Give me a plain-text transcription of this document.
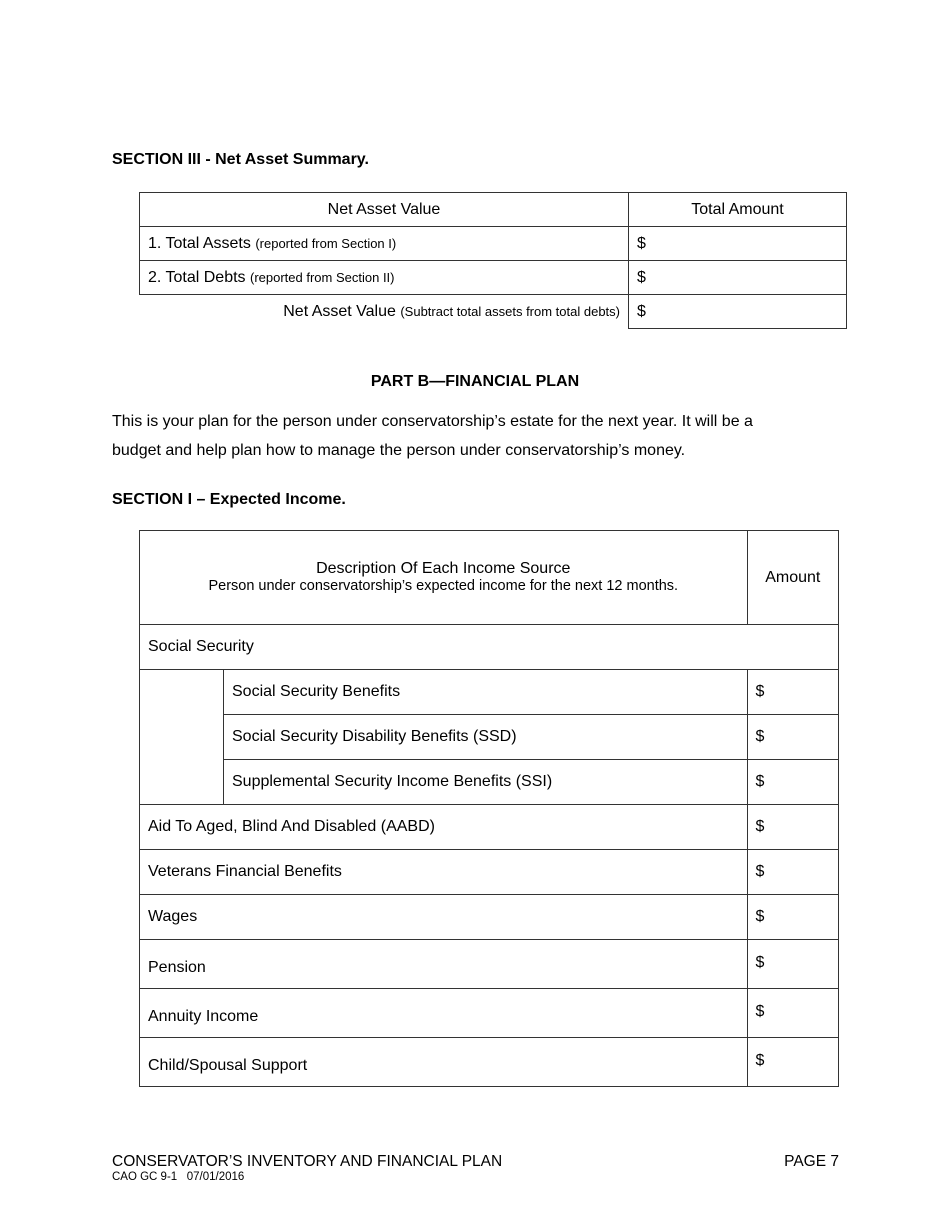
SECTION III - Net Asset Summary.
Net Asset Value	Total Amount
1. Total Assets (reported from Section I)	$
2. Total Debts (reported from Section II)	$
Net Asset Value (Subtract total assets from total debts)	$
PART B—FINANCIAL PLAN
This is your plan for the person under conservatorship’s estate for the next year. It will be a
budget and help plan how to manage the person under conservatorship’s money.
SECTION I – Expected Income.
Description Of Each Income Source
Person under conservatorship’s expected income for the next 12 months.		Amount
Social Security		
	Social Security Benefits	$
	Social Security Disability Benefits (SSD)	$
	Supplemental Security Income Benefits (SSI)	$
Aid To Aged, Blind And Disabled (AABD)		$
Veterans Financial Benefits		$
Wages		$
Pension		$
Annuity Income		$
Child/Spousal Support		$
CONSERVATOR’S INVENTORY AND FINANCIAL PLAN
CAO GC 9-1   07/01/2016
PAGE 7
